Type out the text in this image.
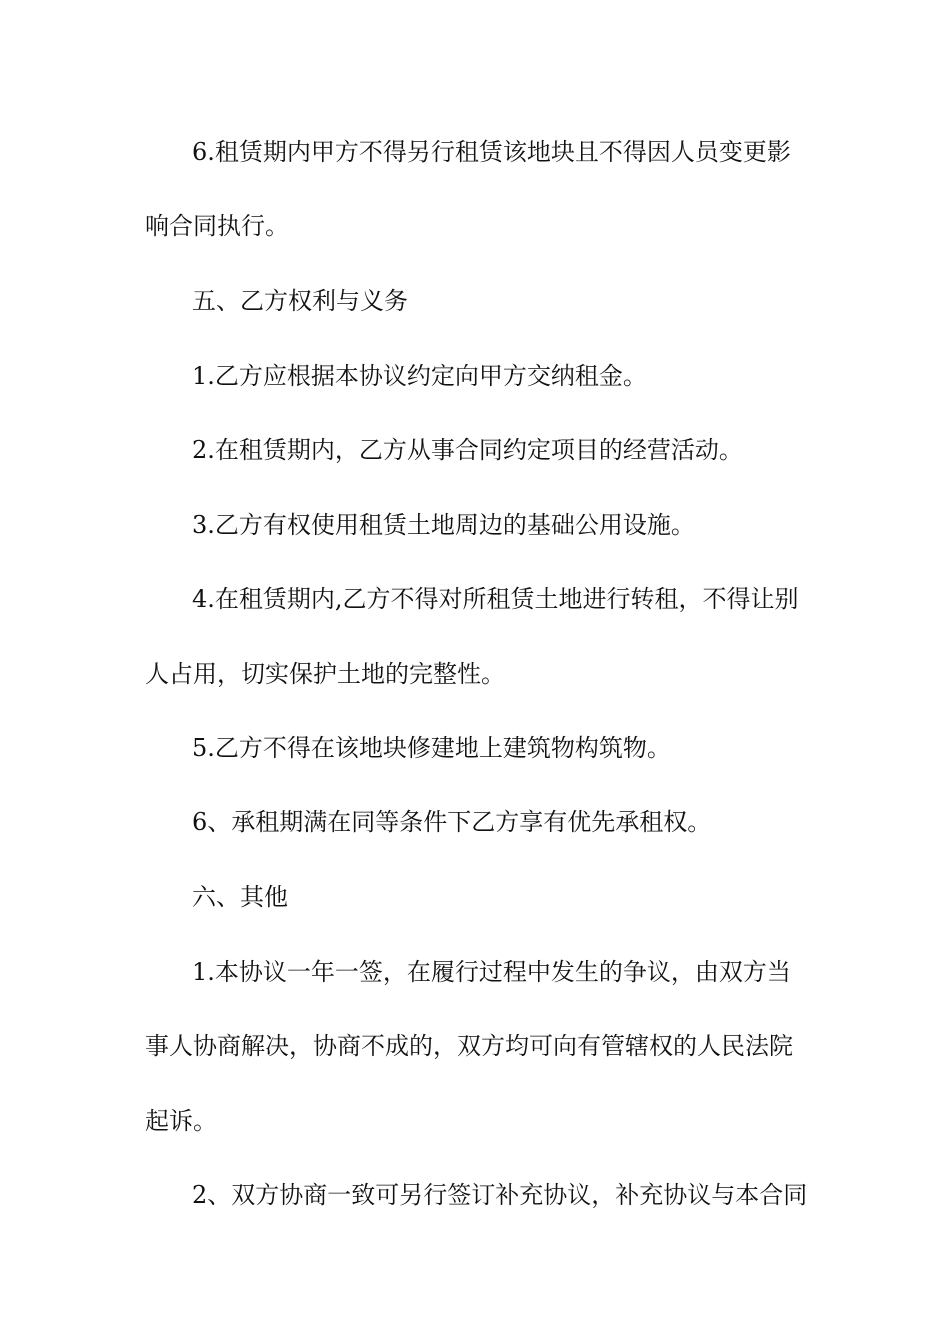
6.租赁期内甲方不得另行租赁该地块且不得因人员变更影
响合同执行。
五、乙方权利与义务
1.乙方应根据本协议约定向甲方交纳租金。
2.在租赁期内，乙方从事合同约定项目的经营活动。
3.乙方有权使用租赁土地周边的基础公用设施。
4.在租赁期内,乙方不得对所租赁土地进行转租，不得让别
人占用，切实保护土地的完整性。
5.乙方不得在该地块修建地上建筑物构筑物。
6、承租期满在同等条件下乙方享有优先承租权。
六、其他
1.本协议一年一签，在履行过程中发生的争议，由双方当
事人协商解决，协商不成的，双方均可向有管辖权的人民法院
起诉。
2、双方协商一致可另行签订补充协议，补充协议与本合同
